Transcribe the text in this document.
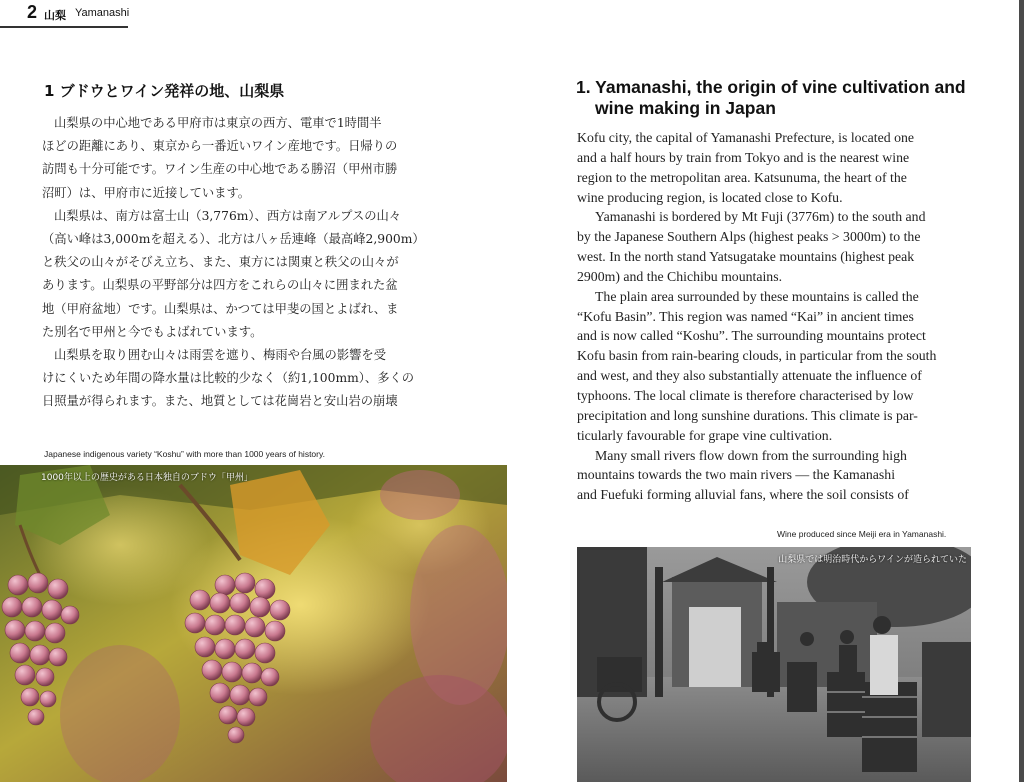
2 山梨 Yamanashi
1 ブドウとワイン発祥の地、山梨県
山梨県の中心地である甲府市は東京の西方、電車で1時間半
ほどの距離にあり、東京から一番近いワイン産地です。日帰りの
訪問も十分可能です。ワイン生産の中心地である勝沼（甲州市勝
沼町）は、甲府市に近接しています。
山梨県は、南方は富士山（3,776m）、西方は南アルプスの山々
（高い峰は3,000mを超える）、北方は八ヶ岳連峰（最高峰2,900m）
と秩父の山々がそびえ立ち、また、東方には関東と秩父の山々が
あります。山梨県の平野部分は四方をこれらの山々に囲まれた盆
地（甲府盆地）です。山梨県は、かつては甲斐の国とよばれ、ま
た別名で甲州と今でもよばれています。
山梨県を取り囲む山々は雨雲を遮り、梅雨や台風の影響を受
けにくいため年間の降水量は比較的少なく（約1,100mm）、多くの
日照量が得られます。また、地質としては花崗岩と安山岩の崩壊
1. Yamanashi, the origin of vine cultivation and
wine making in Japan
Kofu city, the capital of Yamanashi Prefecture, is located one
and a half hours by train from Tokyo and is the nearest wine
region to the metropolitan area. Katsunuma, the heart of the
wine producing region, is located close to Kofu.
Yamanashi is bordered by Mt Fuji (3776m) to the south and
by the Japanese Southern Alps (highest peaks > 3000m) to the
west. In the north stand Yatsugatake mountains (highest peak
2900m) and the Chichibu mountains.
The plain area surrounded by these mountains is called the
“Kofu Basin”. This region was named “Kai” in ancient times
and is now called “Koshu”. The surrounding mountains protect
Kofu basin from rain-bearing clouds, in particular from the south
and west, and they also substantially attenuate the influence of
typhoons. The local climate is therefore characterised by low
precipitation and long sunshine durations. This climate is par-
ticularly favourable for grape vine cultivation.
Many small rivers flow down from the surrounding high
mountains towards the two main rivers — the Kamanashi
and Fuefuki forming alluvial fans, where the soil consists of
Japanese indigenous variety “Koshu” with more than 1000 years of history.
Wine produced since Meiji era in Yamanashi.
1000年以上の歴史がある日本独自のブドウ「甲州」
山梨県では明治時代からワインが造られていた
